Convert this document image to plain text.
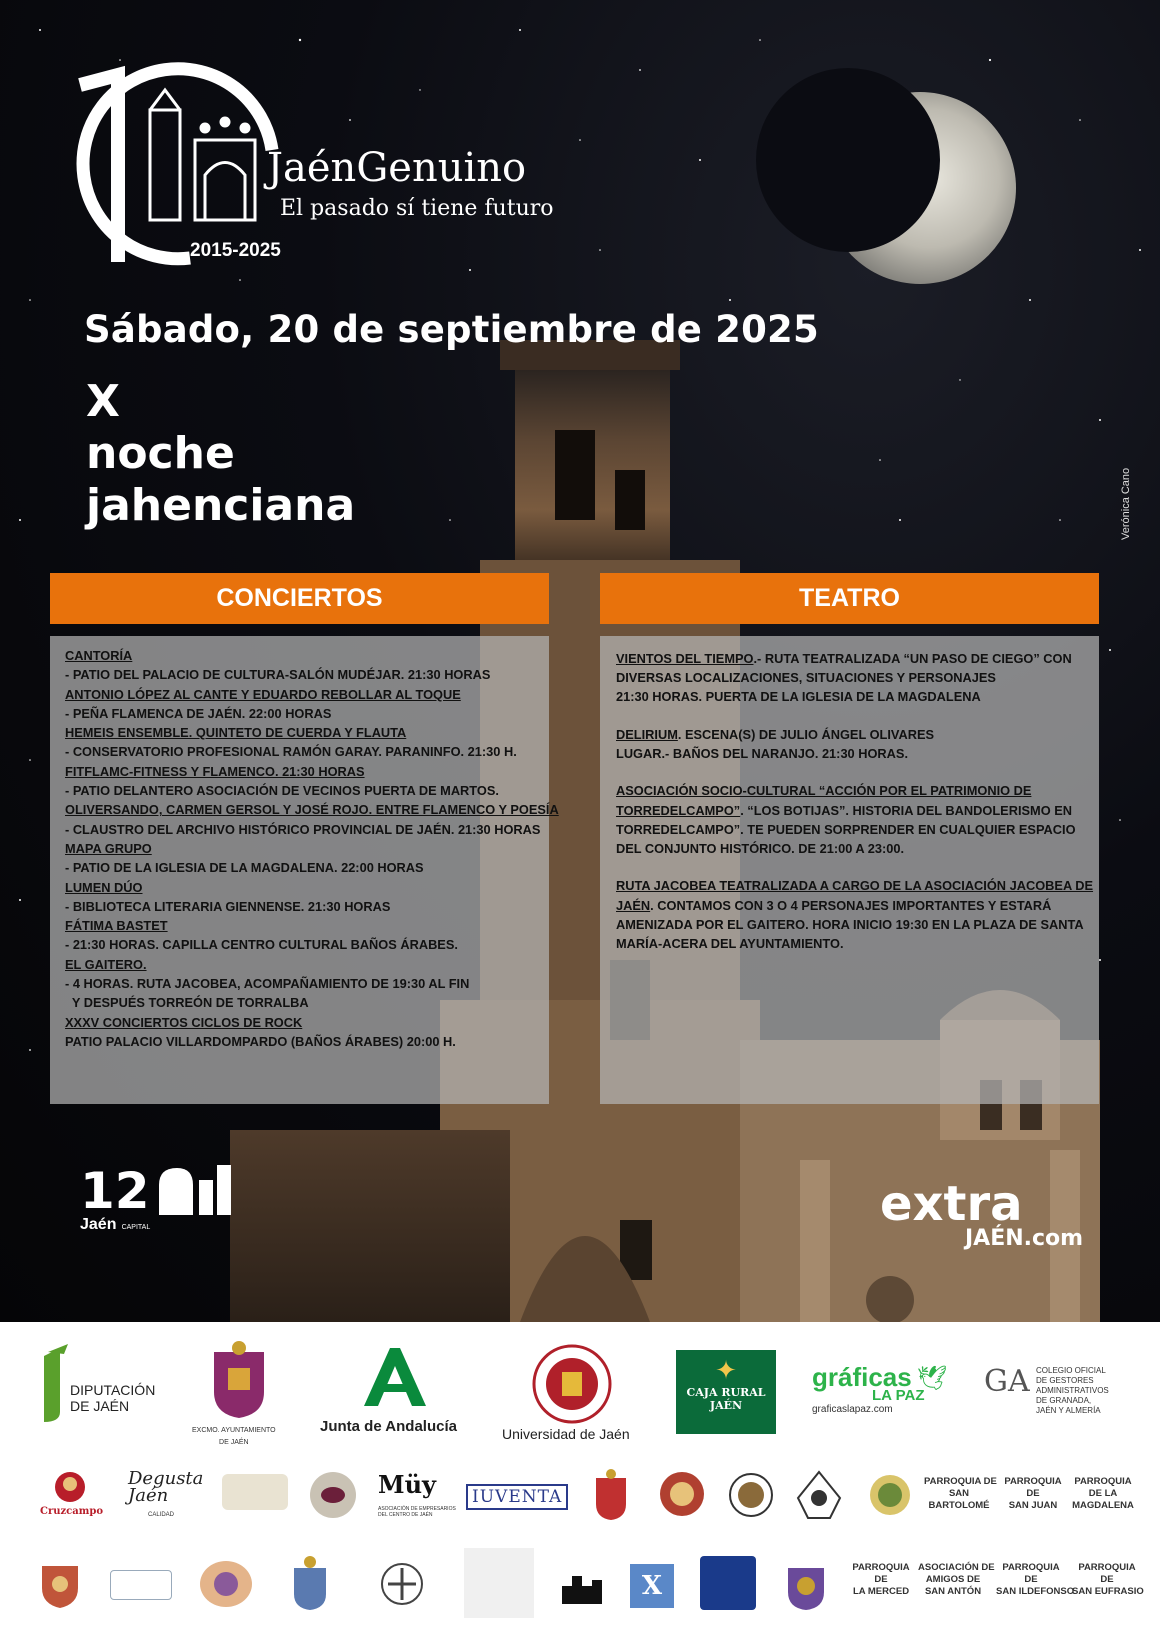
JaénGenuino
El pasado sí tiene futuro
2015-2025
Sábado, 20 de septiembre de 2025
X
noche
jahenciana	Verónica Cano
CONCIERTOS	TEATRO
CANTORÍA
- PATIO DEL PALACIO DE CULTURA-SALÓN MUDÉJAR. 21:30 HORAS
ANTONIO LÓPEZ AL CANTE Y EDUARDO REBOLLAR AL TOQUE
- PEÑA FLAMENCA DE JAÉN. 22:00 HORAS
HEMEIS ENSEMBLE. QUINTETO DE CUERDA Y FLAUTA
- CONSERVATORIO PROFESIONAL RAMÓN GARAY. PARANINFO. 21:30 H.
FITFLAMC-FITNESS Y FLAMENCO. 21:30 HORAS
- PATIO DELANTERO ASOCIACIÓN DE VECINOS PUERTA DE MARTOS.
OLIVERSANDO, CARMEN GERSOL Y JOSÉ ROJO. ENTRE FLAMENCO Y POESÍA
- CLAUSTRO DEL ARCHIVO HISTÓRICO PROVINCIAL DE JAÉN. 21:30 HORAS
MAPA GRUPO
- PATIO DE LA IGLESIA DE LA MAGDALENA. 22:00 HORAS
LUMEN DÚO
- BIBLIOTECA LITERARIA GIENNENSE. 21:30 HORAS
FÁTIMA BASTET
- 21:30 HORAS. CAPILLA CENTRO CULTURAL BAÑOS ÁRABES.
EL GAITERO.
- 4 HORAS. RUTA JACOBEA, ACOMPAÑAMIENTO DE 19:30 AL FIN
Y DESPUÉS TORREÓN DE TORRALBA
XXXV CONCIERTOS CICLOS DE ROCK
PATIO PALACIO VILLARDOMPARDO (BAÑOS ÁRABES) 20:00 H.
VIENTOS DEL TIEMPO.- RUTA TEATRALIZADA “UN PASO DE CIEGO” CON
DIVERSAS LOCALIZACIONES, SITUACIONES Y PERSONAJES
21:30 HORAS. PUERTA DE LA IGLESIA DE LA MAGDALENA
DELIRIUM. ESCENA(S) DE JULIO ÁNGEL OLIVARES
LUGAR.- BAÑOS DEL NARANJO. 21:30 HORAS.
ASOCIACIÓN SOCIO-CULTURAL “ACCIÓN POR EL PATRIMONIO DE
TORREDELCAMPO”. “LOS BOTIJAS”. HISTORIA DEL BANDOLERISMO EN
TORREDELCAMPO”. TE PUEDEN SORPRENDER EN CUALQUIER ESPACIO
DEL CONJUNTO HISTÓRICO. DE 21:00 A 23:00.
RUTA JACOBEA TEATRALIZADA A CARGO DE LA ASOCIACIÓN JACOBEA DE
JAÉN. CONTAMOS CON 3 O 4 PERSONAJES IMPORTANTES Y ESTARÁ
AMENIZADA POR EL GAITERO. HORA INICIO 19:30 EN LA PLAZA DE SANTA
MARÍA-ACERA DEL AYUNTAMIENTO.
12
Jaén CAPITAL	extra
JAÉN.com
DIPUTACIÓN
DE JAÉN
EXCMO. AYUNTAMIENTO
DE JAÉN
Junta de Andalucía	Universidad de Jaén
✦
CAJA RURAL
JAÉN
gráficas 🕊
LA PAZ
graficaslapaz.com
GA COLEGIO OFICIAL
DE GESTORES
ADMINISTRATIVOS
DE GRANADA,
JAÉN Y ALMERÍA
Cruzcampo
Degusta
Jaén
CALIDAD
Müy
ASOCIACIÓN DE EMPRESARIOS
DEL CENTRO DE JAÉN
IUVENTA
PARROQUIA DE
SAN
BARTOLOMÉ
PARROQUIA
DE
SAN JUAN
PARROQUIA
DE LA
MAGDALENA
X
PARROQUIA
DE
LA MERCED
ASOCIACIÓN DE
AMIGOS DE
SAN ANTÓN
PARROQUIA
DE
SAN ILDEFONSO
PARROQUIA
DE
SAN EUFRASIO
